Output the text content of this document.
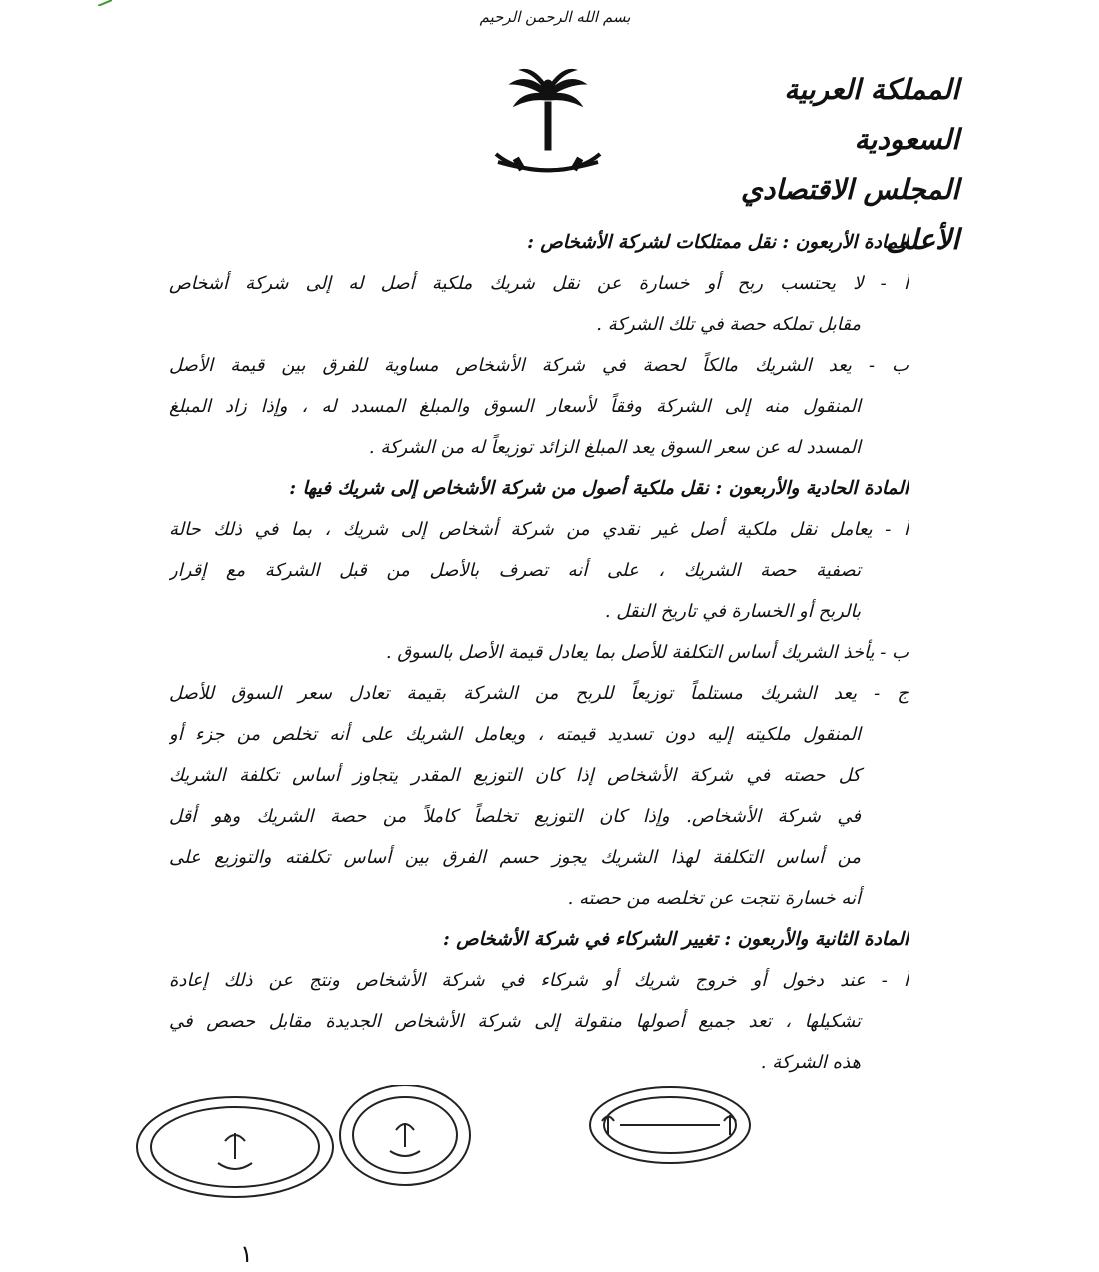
بسم الله الرحمن الرحيم
المملكة العربية السعودية
المجلس الاقتصادي الأعلى
المادة الأربعون : نقل ممتلكات لشركة الأشخاص :
أ - لا يحتسب ربح أو خسارة عن نقل شريك ملكية أصل له إلى شركة أشخاص
مقابل تملكه حصة في تلك الشركة .
ب - يعد الشريك مالكاً لحصة في شركة الأشخاص مساوية للفرق بين قيمة الأصل
المنقول منه إلى الشركة وفقاً لأسعار السوق والمبلغ المسدد له ، وإذا زاد المبلغ
المسدد له عن سعر السوق يعد المبلغ الزائد توزيعاً له من الشركة .
المادة الحادية والأربعون : نقل ملكية أصول من شركة الأشخاص إلى شريك فيها :
أ - يعامل نقل ملكية أصل غير نقدي من شركة أشخاص إلى شريك ، بما في ذلك حالة
تصفية حصة الشريك ، على أنه تصرف بالأصل من قبل الشركة مع إقرار
بالربح أو الخسارة في تاريخ النقل .
ب - يأخذ الشريك أساس التكلفة للأصل بما يعادل قيمة الأصل بالسوق .
ج - يعد الشريك مستلماً توزيعاً للربح من الشركة بقيمة تعادل سعر السوق للأصل
المنقول ملكيته إليه دون تسديد قيمته ، ويعامل الشريك على أنه تخلص من جزء أو
كل حصته في شركة الأشخاص إذا كان التوزيع المقدر يتجاوز أساس تكلفة الشريك
في شركة الأشخاص. وإذا كان التوزيع تخلصاً كاملاً من حصة الشريك وهو أقل
من أساس التكلفة لهذا الشريك يجوز حسم الفرق بين أساس تكلفته والتوزيع على
أنه خسارة نتجت عن تخلصه من حصته .
المادة الثانية والأربعون : تغيير الشركاء في شركة الأشخاص :
أ - عند دخول أو خروج شريك أو شركاء في شركة الأشخاص ونتج عن ذلك إعادة
تشكيلها ، تعد جميع أصولها منقولة إلى شركة الأشخاص الجديدة مقابل حصص في
هذه الشركة .
١
